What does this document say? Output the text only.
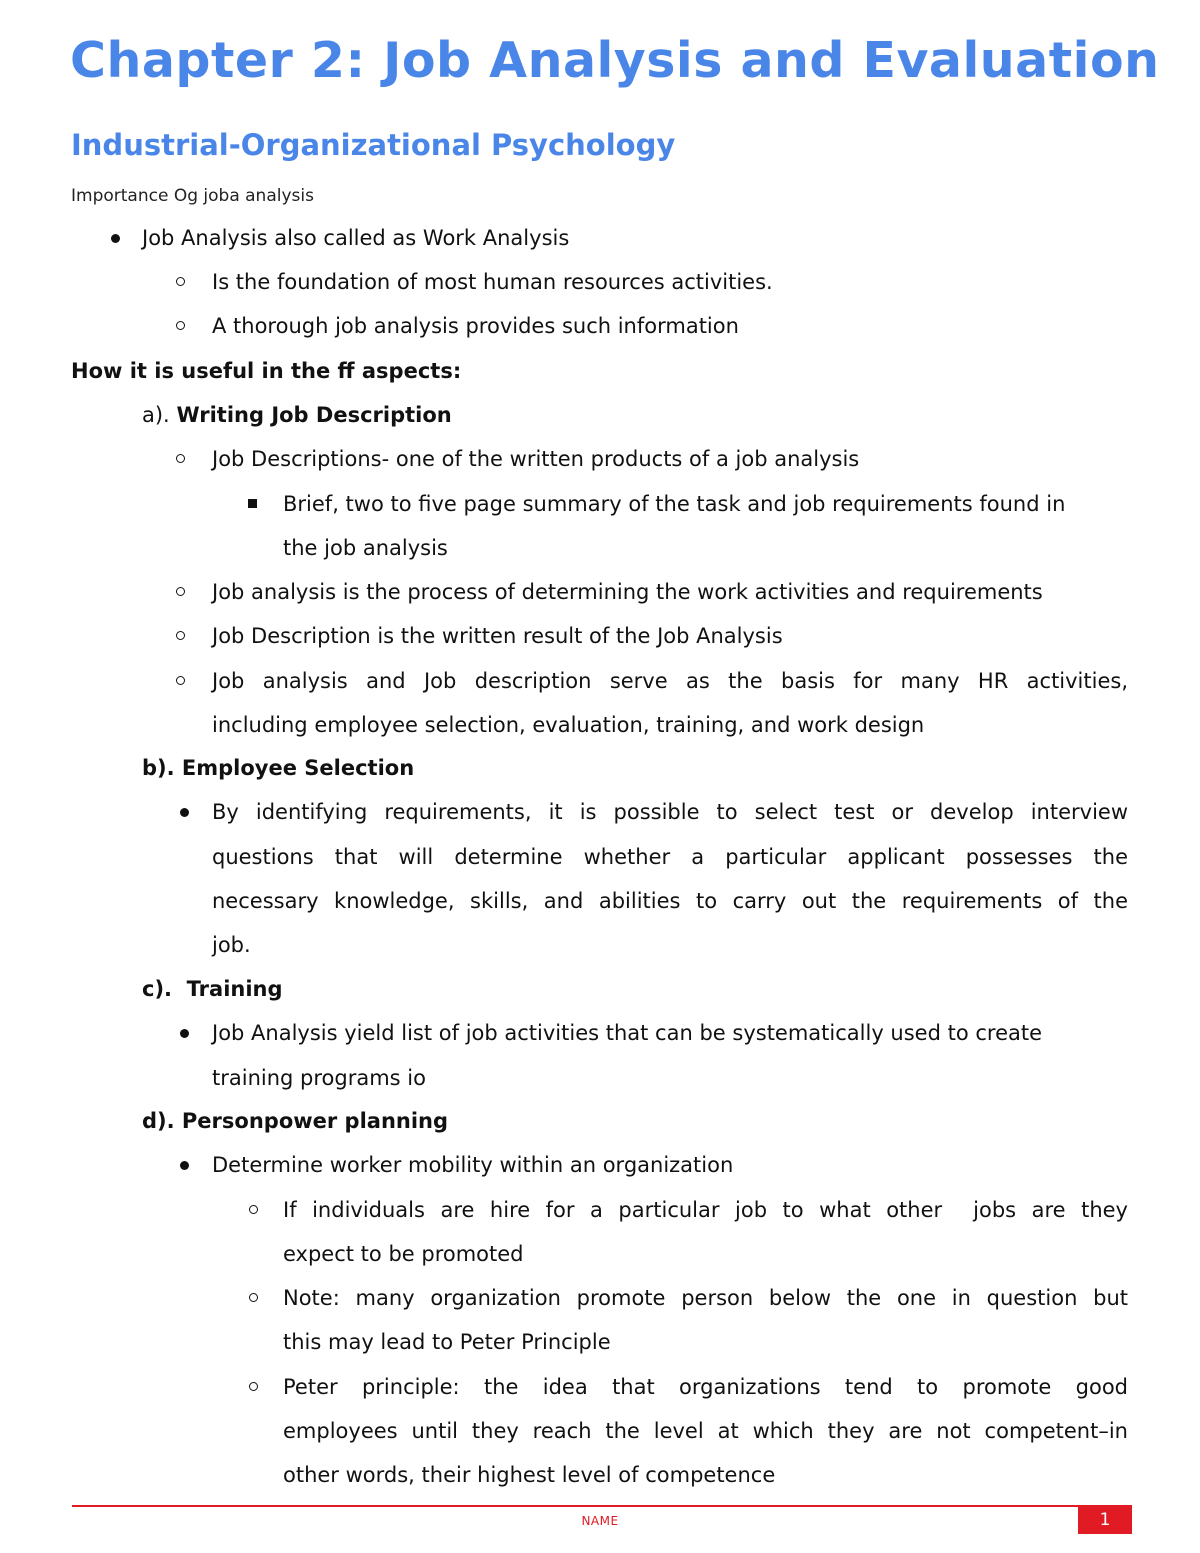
Chapter 2: Job Analysis and Evaluation
Industrial-Organizational Psychology
Importance Og joba analysis
Job Analysis also called as Work Analysis
Is the foundation of most human resources activities.
A thorough job analysis provides such information
How it is useful in the ff aspects:
a). Writing Job Description
Job Descriptions- one of the written products of a job analysis
Brief, two to five page summary of the task and job requirements found in
the job analysis
Job analysis is the process of determining the work activities and requirements
Job Description is the written result of the Job Analysis
Job analysis and Job description serve as the basis for many HR activities,
including employee selection, evaluation, training, and work design
b). Employee Selection
By identifying requirements, it is possible to select test or develop interview
questions that will determine whether a particular applicant possesses the
necessary knowledge, skills, and abilities to carry out the requirements of the
job.
c).  Training
Job Analysis yield list of job activities that can be systematically used to create
training programs io
d). Personpower planning
Determine worker mobility within an organization
If individuals are hire for a particular job to what other  jobs are they
expect to be promoted
Note: many organization promote person below the one in question but
this may lead to Peter Principle
Peter principle: the idea that organizations tend to promote good
employees until they reach the level at which they are not competent–in
other words, their highest level of competence
NAME	1
